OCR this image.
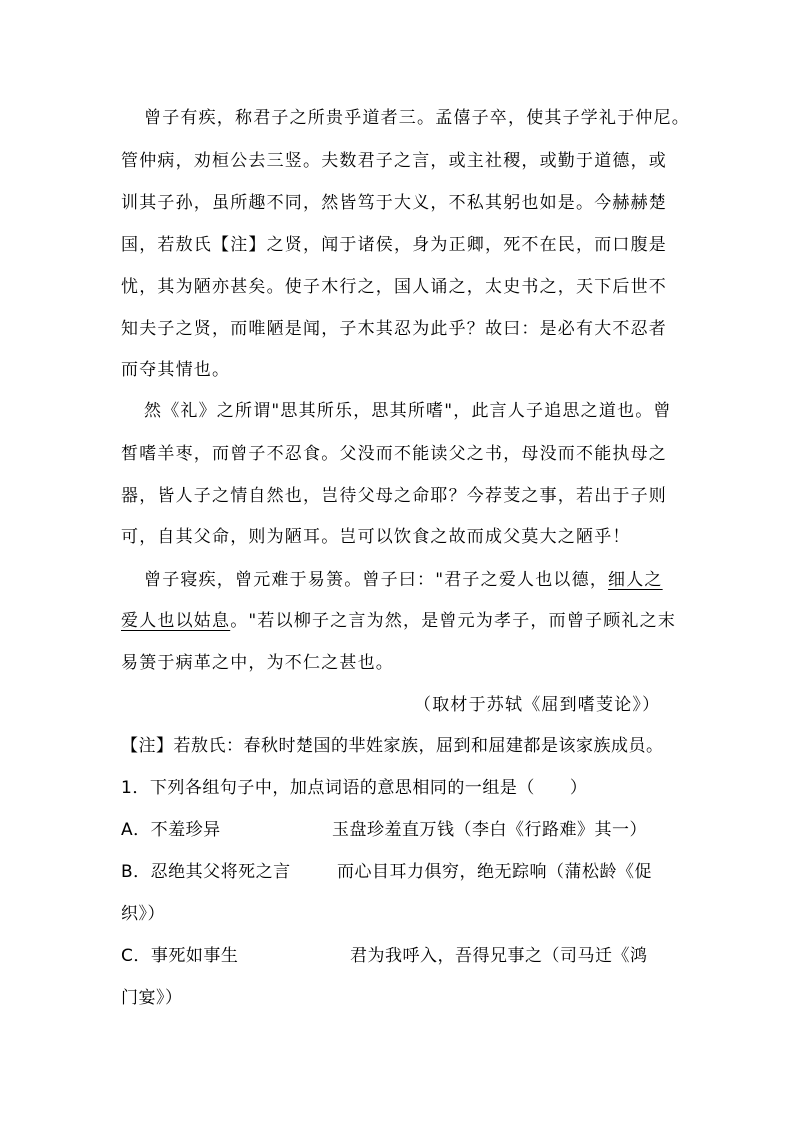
曾子有疾，称君子之所贵乎道者三。孟僖子卒，使其子学礼于仲尼。
管仲病，劝桓公去三竖。夫数君子之言，或主社稷，或勤于道德，或
训其子孙，虽所趣不同，然皆笃于大义，不私其躬也如是。今赫赫楚
国，若敖氏【注】之贤，闻于诸侯，身为正卿，死不在民，而口腹是
忧，其为陋亦甚矣。使子木行之，国人诵之，太史书之，天下后世不
知夫子之贤，而唯陋是闻，子木其忍为此乎？故曰：是必有大不忍者
而夺其情也。
然《礼》之所谓"思其所乐，思其所嗜"，此言人子追思之道也。曾
皙嗜羊枣，而曾子不忍食。父没而不能读父之书，母没而不能执母之
器，皆人子之情自然也，岂待父母之命耶？今荐芰之事，若出于子则
可，自其父命，则为陋耳。岂可以饮食之故而成父莫大之陋乎！
曾子寝疾，曾元难于易箦。曾子曰："君子之爱人也以德，细人之
爱人也以姑息。"若以柳子之言为然，是曾元为孝子，而曾子顾礼之末
易箦于病革之中，为不仁之甚也。
（取材于苏轼《屈到嗜芰论》）
【注】若敖氏：春秋时楚国的芈姓家族，屈到和屈建都是该家族成员。
1．下列各组句子中，加点词语的意思相同的一组是（　　）
A．不羞珍异	玉盘珍羞直万钱（李白《行路难》其一）
B．忍绝其父将死之言	而心目耳力俱穷，绝无踪响（蒲松龄《促
织》）
C．事死如事生	君为我呼入，吾得兄事之（司马迁《鸿
门宴》）
